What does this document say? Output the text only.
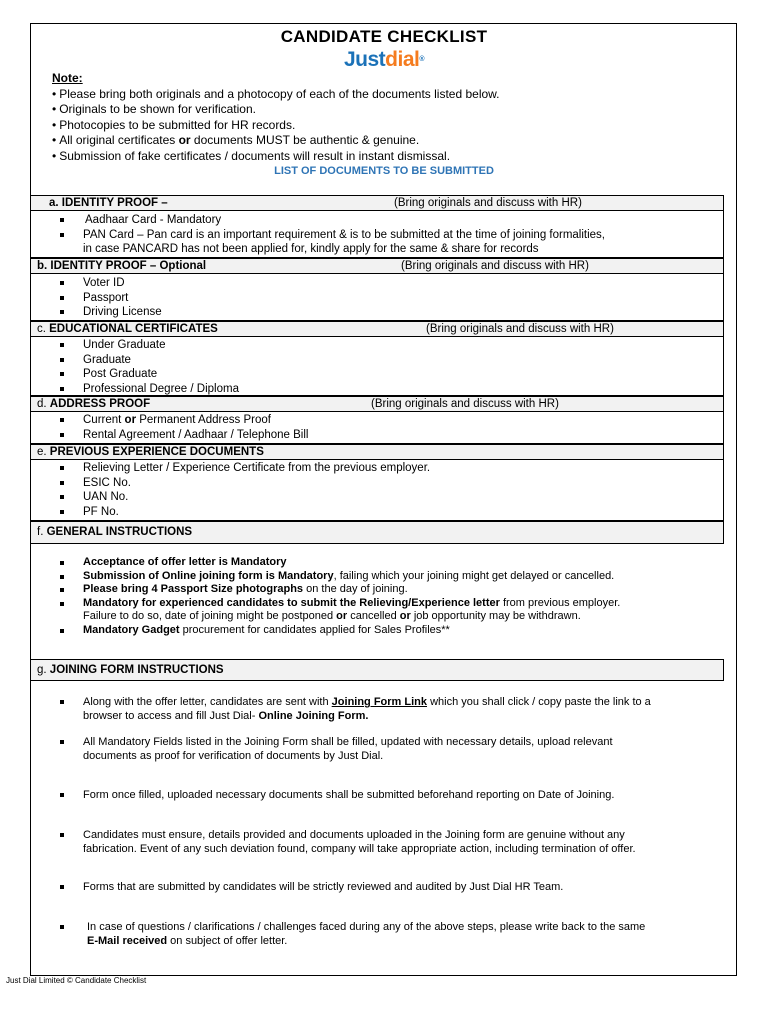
CANDIDATE CHECKLIST
Justdial®
Note:
• Please bring both originals and a photocopy of each of the documents listed below.
• Originals to be shown for verification.
• Photocopies to be submitted for HR records.
• All original certificates or documents MUST be authentic & genuine.
• Submission of fake certificates / documents will result in instant dismissal.
LIST OF DOCUMENTS TO BE SUBMITTED
a. IDENTITY PROOF –	(Bring originals and discuss with HR)
Aadhaar Card - Mandatory
PAN Card – Pan card is an important requirement & is to be submitted at the time of joining formalities,
in case PANCARD has not been applied for, kindly apply for the same & share for records
b. IDENTITY PROOF – Optional	(Bring originals and discuss with HR)
Voter ID
Passport
Driving License
c. EDUCATIONAL CERTIFICATES	(Bring originals and discuss with HR)
Under Graduate
Graduate
Post Graduate
Professional Degree / Diploma
d. ADDRESS PROOF	(Bring originals and discuss with HR)
Current or Permanent Address Proof
Rental Agreement / Aadhaar / Telephone Bill
e. PREVIOUS EXPERIENCE DOCUMENTS
Relieving Letter / Experience Certificate from the previous employer.
ESIC No.
UAN No.
PF No.
f. GENERAL INSTRUCTIONS
Acceptance of offer letter is Mandatory
Submission of Online joining form is Mandatory, failing which your joining might get delayed or cancelled.
Please bring 4 Passport Size photographs on the day of joining.
Mandatory for experienced candidates to submit the Relieving/Experience letter from previous employer.
Failure to do so, date of joining might be postponed or cancelled or job opportunity may be withdrawn.
Mandatory Gadget procurement for candidates applied for Sales Profiles**
g. JOINING FORM INSTRUCTIONS
Along with the offer letter, candidates are sent with Joining Form Link which you shall click / copy paste the link to a
browser to access and fill Just Dial- Online Joining Form.
All Mandatory Fields listed in the Joining Form shall be filled, updated with necessary details, upload relevant
documents as proof for verification of documents by Just Dial.
Form once filled, uploaded necessary documents shall be submitted beforehand reporting on Date of Joining.
Candidates must ensure, details provided and documents uploaded in the Joining form are genuine without any
fabrication. Event of any such deviation found, company will take appropriate action, including termination of offer.
Forms that are submitted by candidates will be strictly reviewed and audited by Just Dial HR Team.
In case of questions / clarifications / challenges faced during any of the above steps, please write back to the same
E-Mail received on subject of offer letter.
Just Dial Limited © Candidate Checklist
